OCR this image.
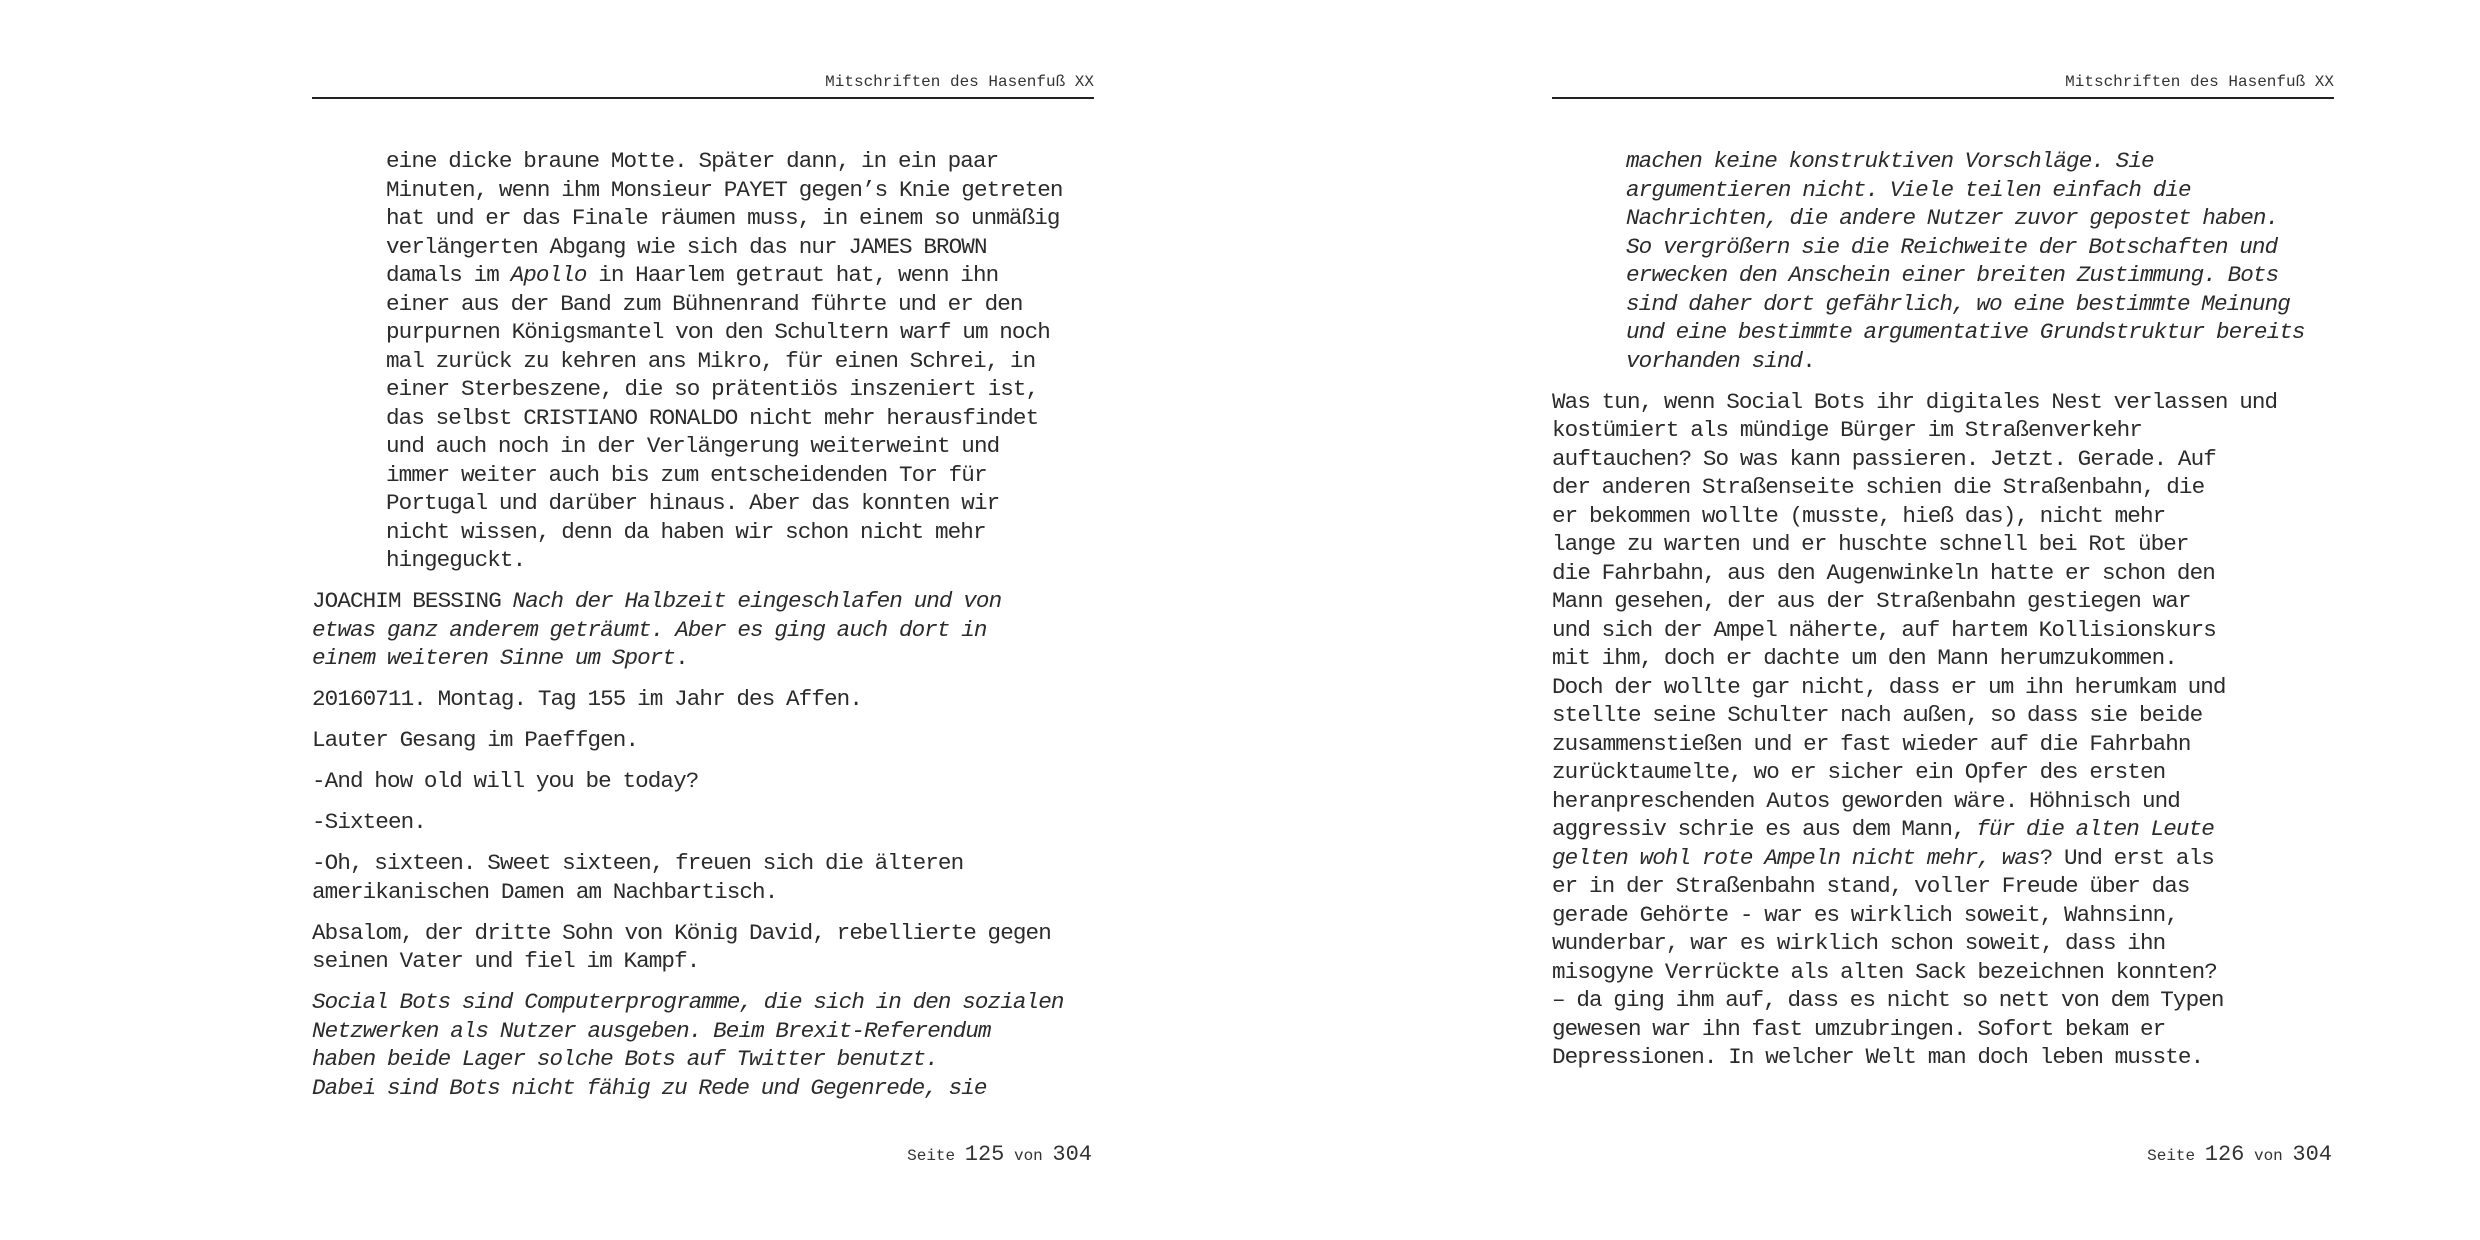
Mitschriften des Hasenfuß XX
eine dicke braune Motte. Später dann, in ein paar
Minuten, wenn ihm Monsieur PAYET gegen’s Knie getreten
hat und er das Finale räumen muss, in einem so unmäßig
verlängerten Abgang wie sich das nur JAMES BROWN
damals im Apollo in Haarlem getraut hat, wenn ihn
einer aus der Band zum Bühnenrand führte und er den
purpurnen Königsmantel von den Schultern warf um noch
mal zurück zu kehren ans Mikro, für einen Schrei, in
einer Sterbeszene, die so prätentiös inszeniert ist,
das selbst CRISTIANO RONALDO nicht mehr herausfindet
und auch noch in der Verlängerung weiterweint und
immer weiter auch bis zum entscheidenden Tor für
Portugal und darüber hinaus. Aber das konnten wir
nicht wissen, denn da haben wir schon nicht mehr
hingeguckt.
JOACHIM BESSING Nach der Halbzeit eingeschlafen und von
etwas ganz anderem geträumt. Aber es ging auch dort in
einem weiteren Sinne um Sport.
20160711. Montag. Tag 155 im Jahr des Affen.
Lauter Gesang im Paeffgen.
-And how old will you be today?
-Sixteen.
-Oh, sixteen. Sweet sixteen, freuen sich die älteren
amerikanischen Damen am Nachbartisch.
Absalom, der dritte Sohn von König David, rebellierte gegen
seinen Vater und fiel im Kampf.
Social Bots sind Computerprogramme, die sich in den sozialen
Netzwerken als Nutzer ausgeben. Beim Brexit-Referendum
haben beide Lager solche Bots auf Twitter benutzt.
Dabei sind Bots nicht fähig zu Rede und Gegenrede, sie
Seite 125 von 304
Mitschriften des Hasenfuß XX
machen keine konstruktiven Vorschläge. Sie
argumentieren nicht. Viele teilen einfach die
Nachrichten, die andere Nutzer zuvor gepostet haben.
So vergrößern sie die Reichweite der Botschaften und
erwecken den Anschein einer breiten Zustimmung. Bots
sind daher dort gefährlich, wo eine bestimmte Meinung
und eine bestimmte argumentative Grundstruktur bereits
vorhanden sind.
Was tun, wenn Social Bots ihr digitales Nest verlassen und
kostümiert als mündige Bürger im Straßenverkehr
auftauchen? So was kann passieren. Jetzt. Gerade. Auf
der anderen Straßenseite schien die Straßenbahn, die
er bekommen wollte (musste, hieß das), nicht mehr
lange zu warten und er huschte schnell bei Rot über
die Fahrbahn, aus den Augenwinkeln hatte er schon den
Mann gesehen, der aus der Straßenbahn gestiegen war
und sich der Ampel näherte, auf hartem Kollisionskurs
mit ihm, doch er dachte um den Mann herumzukommen.
Doch der wollte gar nicht, dass er um ihn herumkam und
stellte seine Schulter nach außen, so dass sie beide
zusammenstießen und er fast wieder auf die Fahrbahn
zurücktaumelte, wo er sicher ein Opfer des ersten
heranpreschenden Autos geworden wäre. Höhnisch und
aggressiv schrie es aus dem Mann, für die alten Leute
gelten wohl rote Ampeln nicht mehr, was? Und erst als
er in der Straßenbahn stand, voller Freude über das
gerade Gehörte - war es wirklich soweit, Wahnsinn,
wunderbar, war es wirklich schon soweit, dass ihn
misogyne Verrückte als alten Sack bezeichnen konnten?
– da ging ihm auf, dass es nicht so nett von dem Typen
gewesen war ihn fast umzubringen. Sofort bekam er
Depressionen. In welcher Welt man doch leben musste.
Seite 126 von 304
